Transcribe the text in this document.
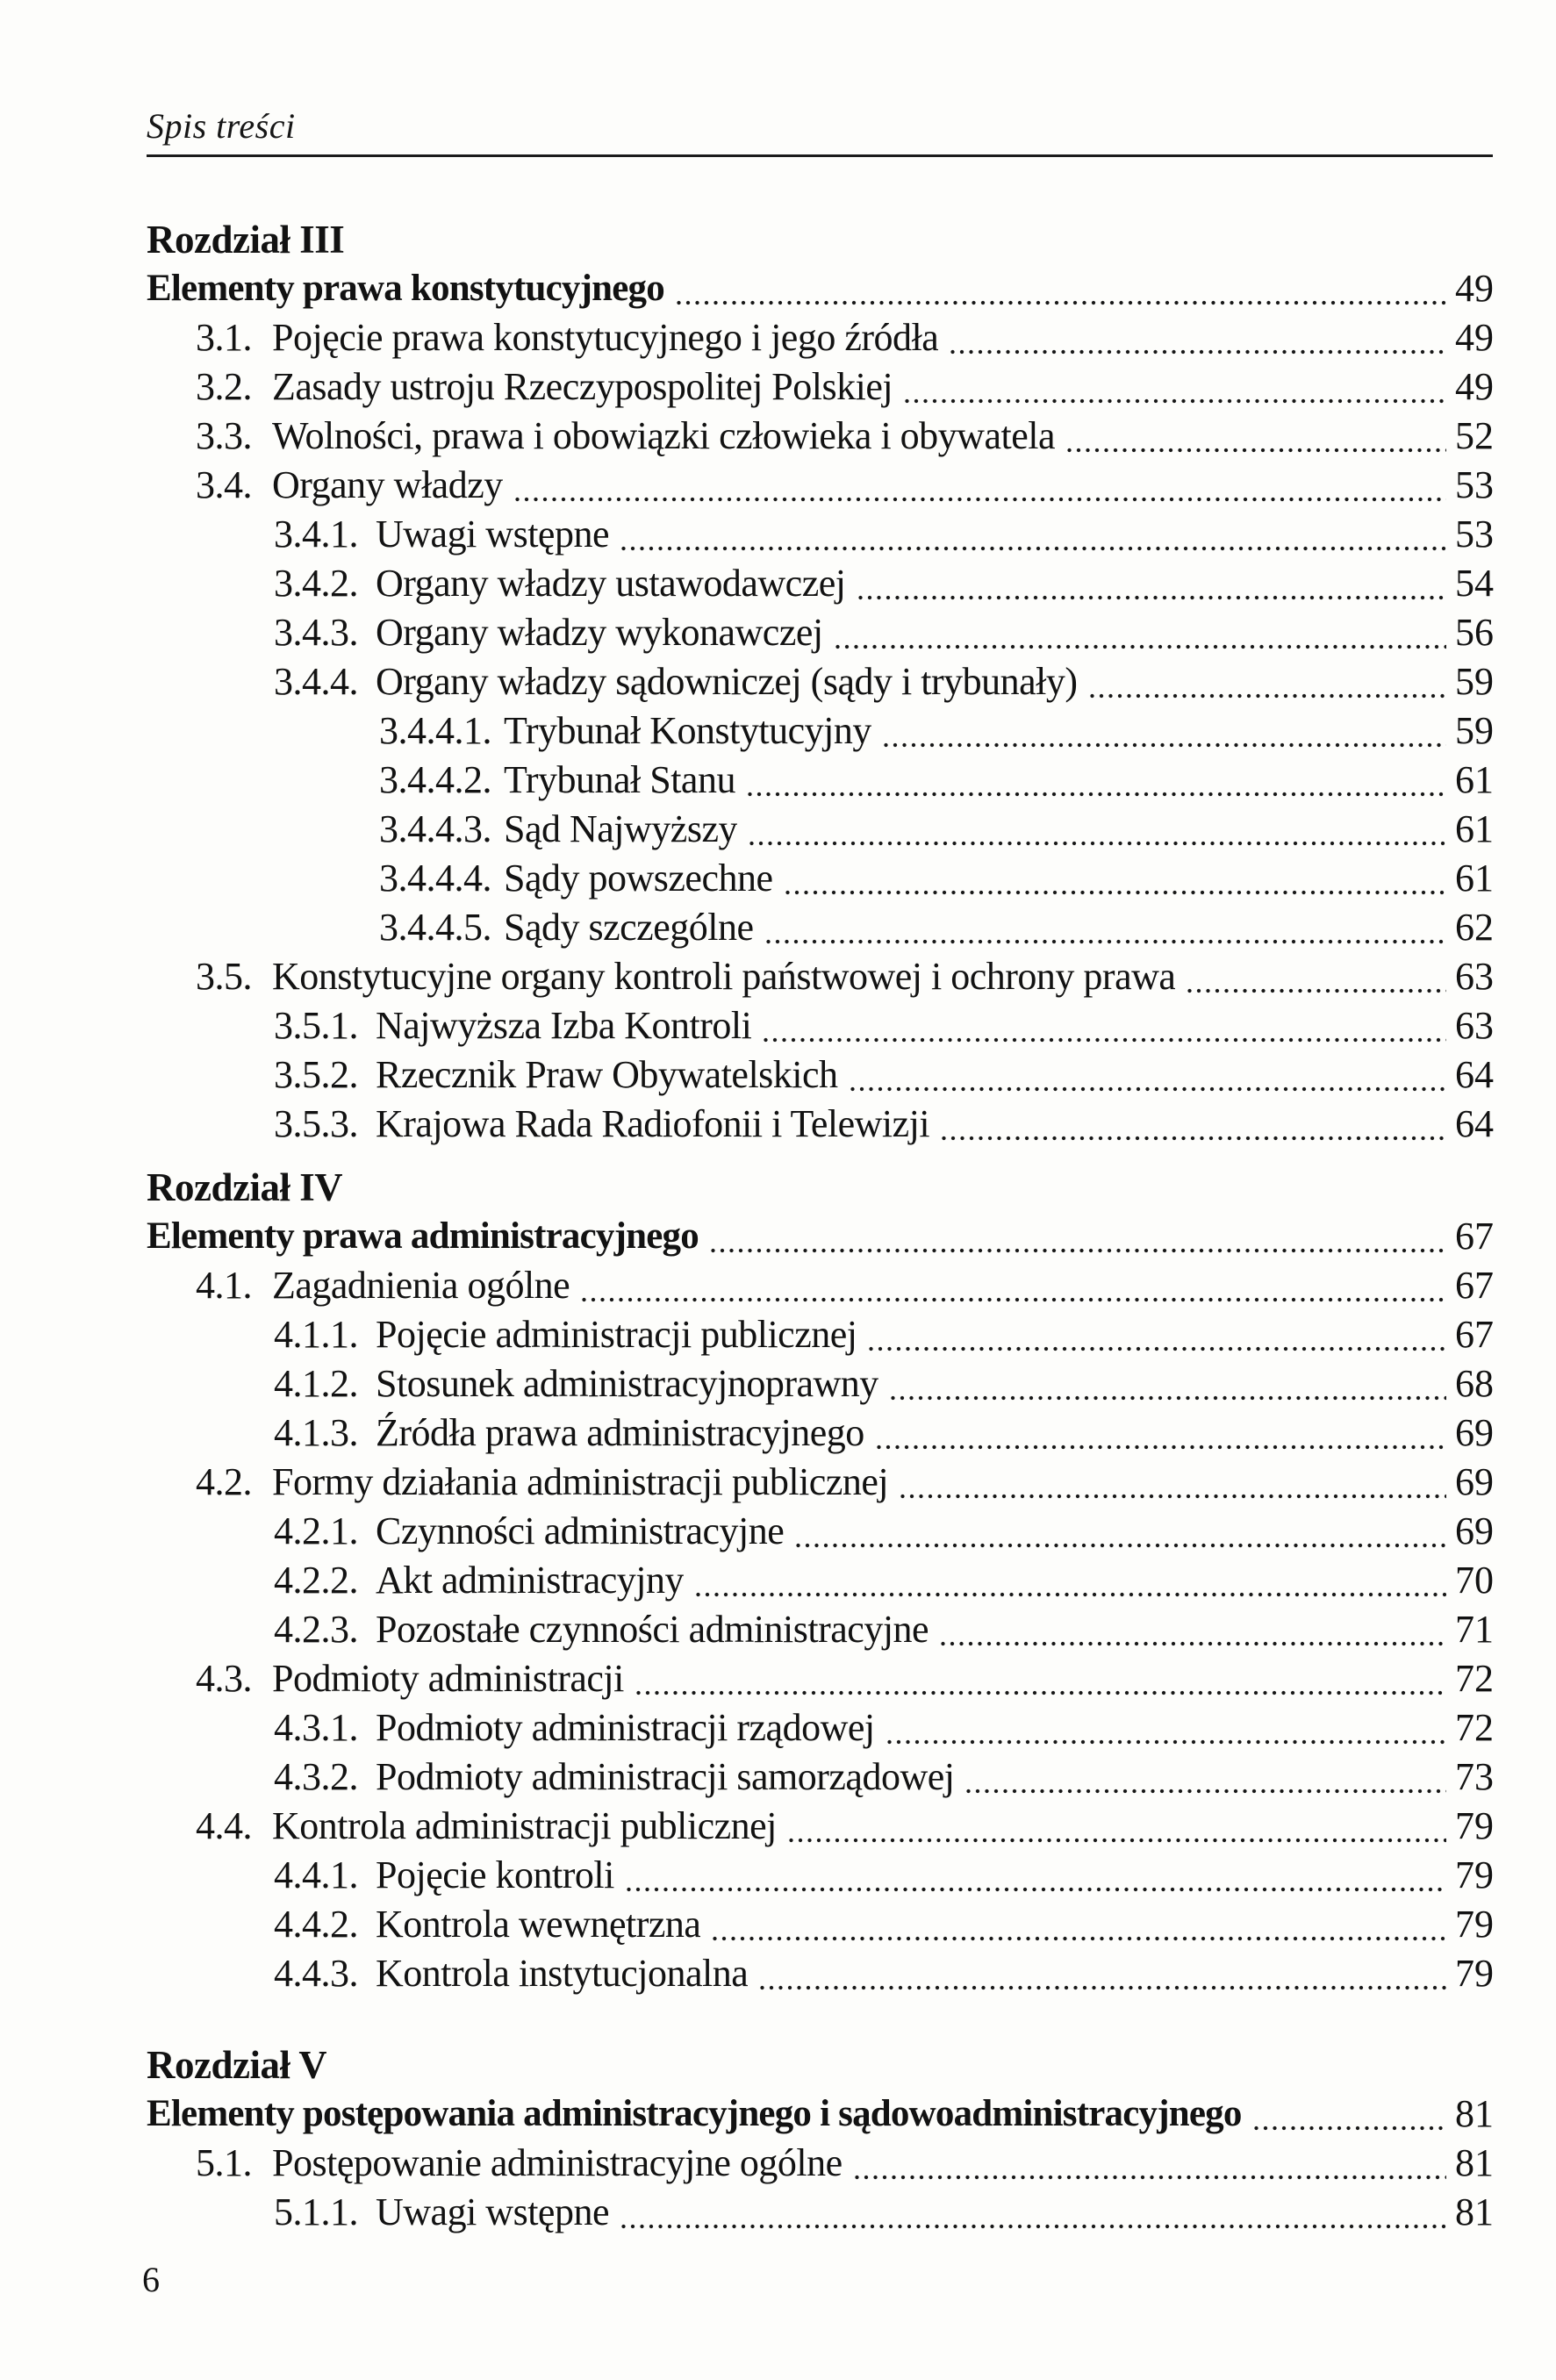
Spis treści
Rozdział III
Elementy prawa konstytucyjnego	49
3.1. Pojęcie prawa konstytucyjnego i jego źródła	49
3.2. Zasady ustroju Rzeczypospolitej Polskiej	49
3.3. Wolności, prawa i obowiązki człowieka i obywatela	52
3.4. Organy władzy	53
3.4.1. Uwagi wstępne	53
3.4.2. Organy władzy ustawodawczej	54
3.4.3. Organy władzy wykonawczej	56
3.4.4. Organy władzy sądowniczej (sądy i trybunały)	59
3.4.4.1. Trybunał Konstytucyjny	59
3.4.4.2. Trybunał Stanu	61
3.4.4.3. Sąd Najwyższy	61
3.4.4.4. Sądy powszechne	61
3.4.4.5. Sądy szczególne	62
3.5. Konstytucyjne organy kontroli państwowej i ochrony prawa	63
3.5.1. Najwyższa Izba Kontroli	63
3.5.2. Rzecznik Praw Obywatelskich	64
3.5.3. Krajowa Rada Radiofonii i Telewizji	64
Rozdział IV
Elementy prawa administracyjnego	67
4.1. Zagadnienia ogólne	67
4.1.1. Pojęcie administracji publicznej	67
4.1.2. Stosunek administracyjnoprawny	68
4.1.3. Źródła prawa administracyjnego	69
4.2. Formy działania administracji publicznej	69
4.2.1. Czynności administracyjne	69
4.2.2. Akt administracyjny	70
4.2.3. Pozostałe czynności administracyjne	71
4.3. Podmioty administracji	72
4.3.1. Podmioty administracji rządowej	72
4.3.2. Podmioty administracji samorządowej	73
4.4. Kontrola administracji publicznej	79
4.4.1. Pojęcie kontroli	79
4.4.2. Kontrola wewnętrzna	79
4.4.3. Kontrola instytucjonalna	79
Rozdział V
Elementy postępowania administracyjnego i sądowoadministracyjnego	81
5.1. Postępowanie administracyjne ogólne	81
5.1.1. Uwagi wstępne	81
6
